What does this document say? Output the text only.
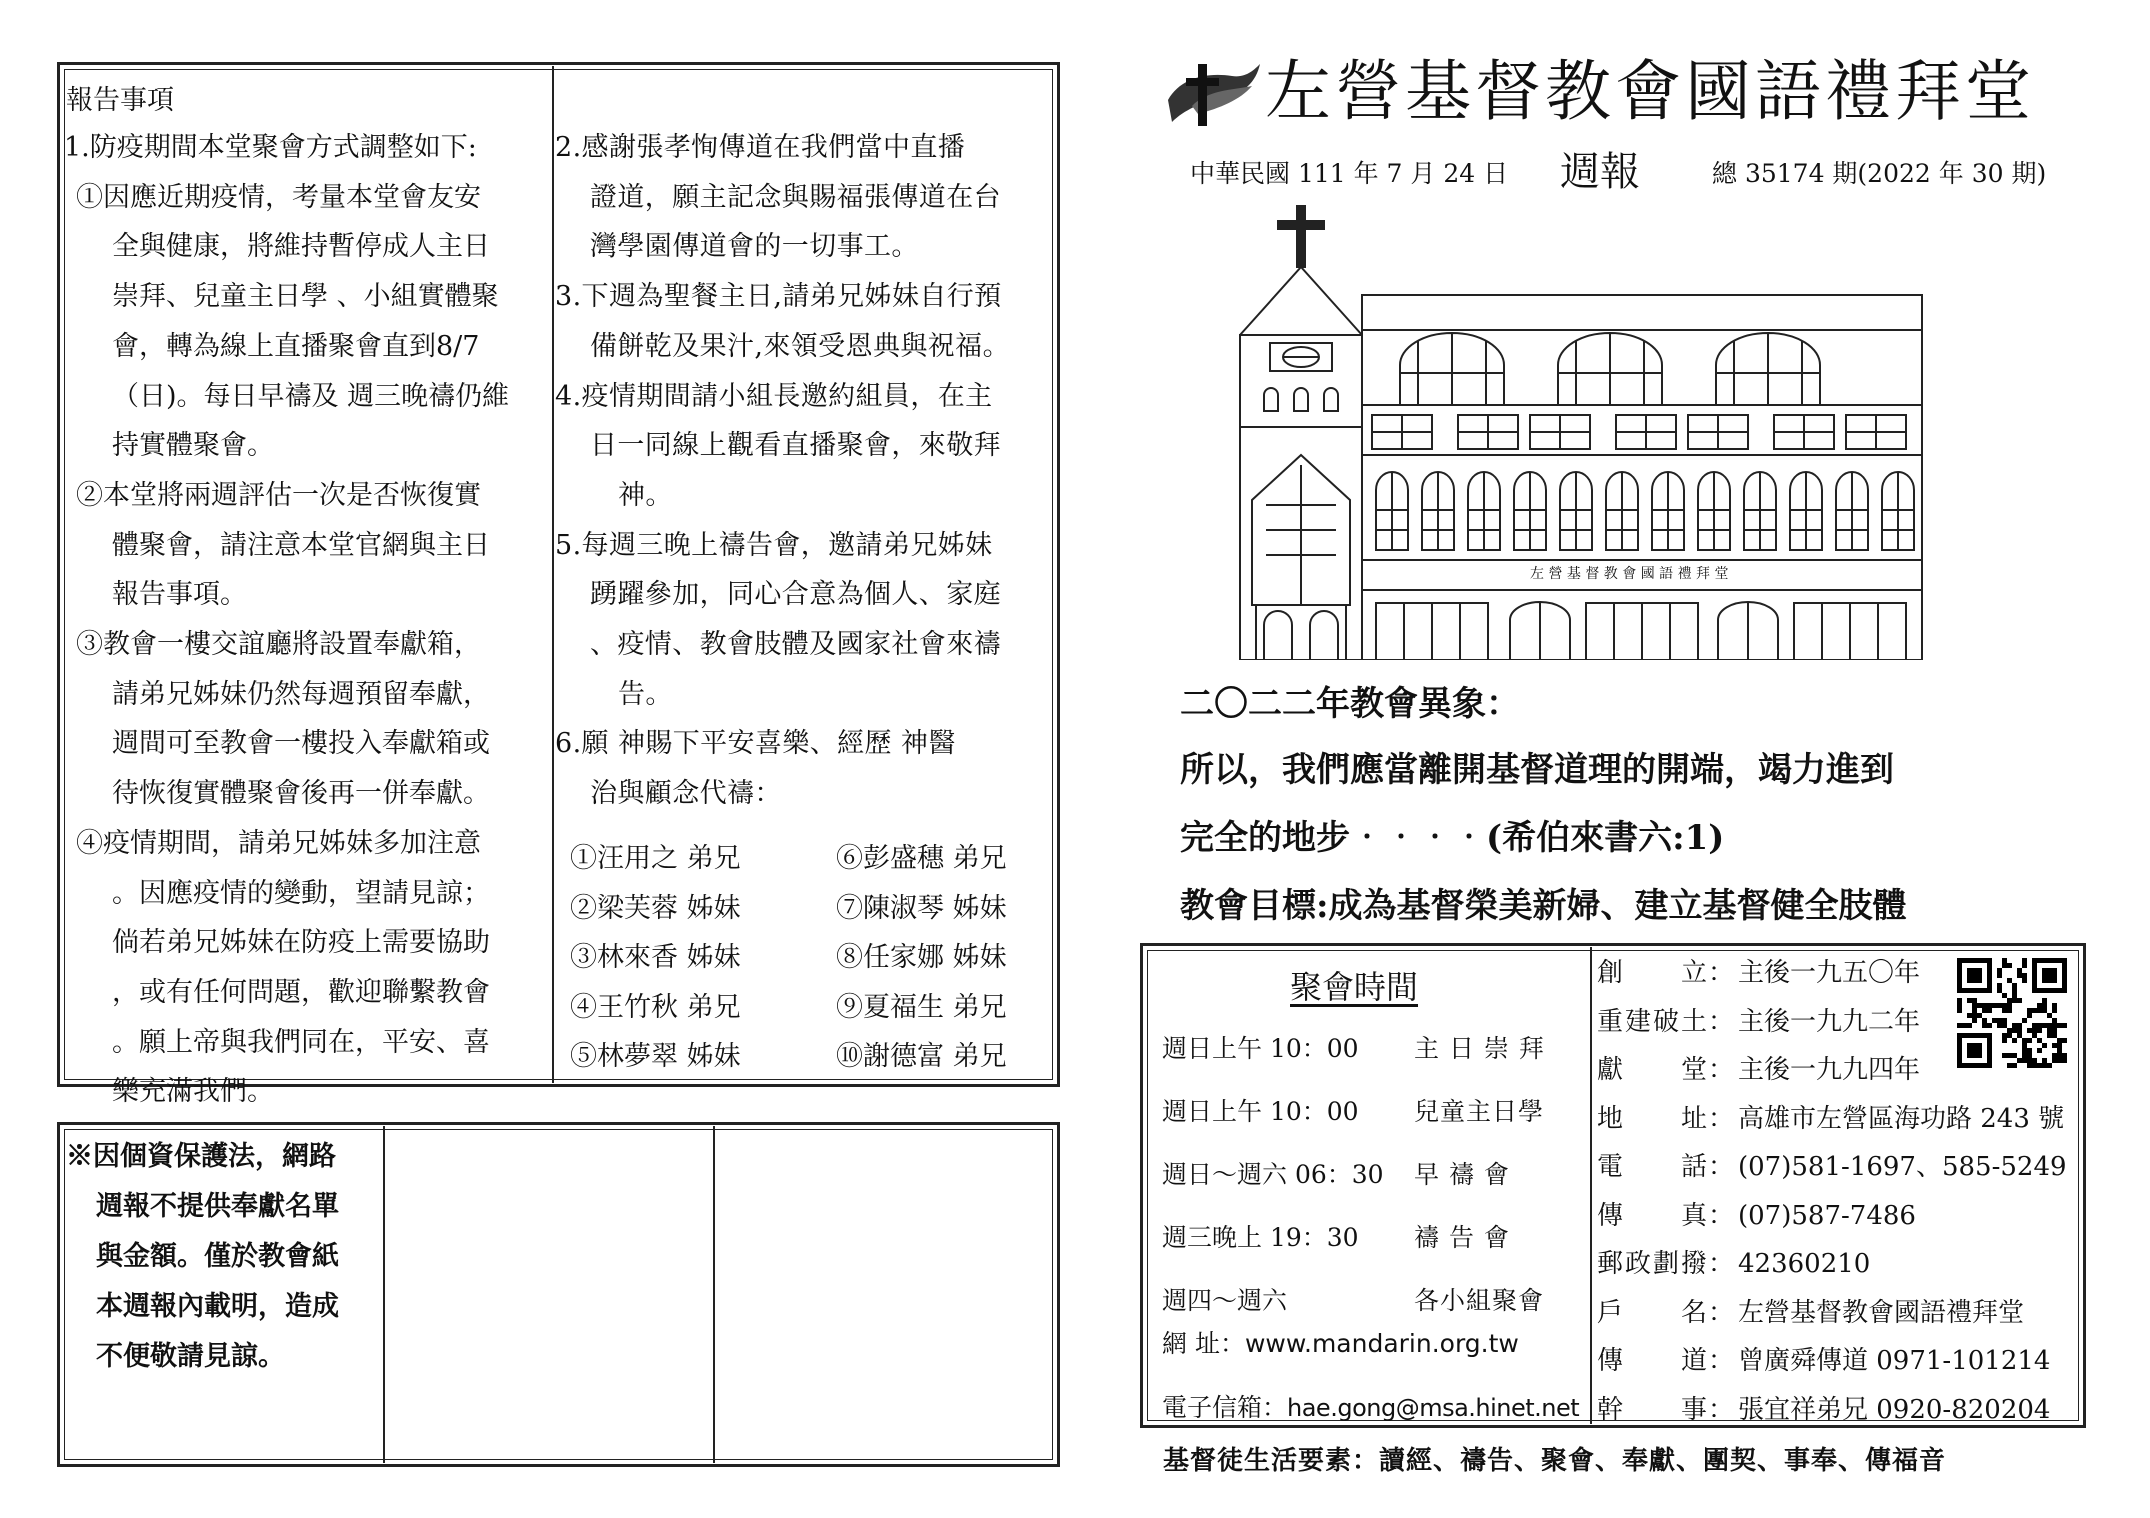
報告事項
1.防疫期間本堂聚會方式調整如下:
①因應近期疫情，考量本堂會友安
全與健康，將維持暫停成人主日
崇拜、兒童主日學 、小組實體聚
會，轉為線上直播聚會直到8/7
（日)。每日早禱及 週三晚禱仍維
持實體聚會。
②本堂將兩週評估一次是否恢復實
體聚會，請注意本堂官網與主日
報告事項。
③教會一樓交誼廳將設置奉獻箱，
請弟兄姊妹仍然每週預留奉獻，
週間可至教會一樓投入奉獻箱或
待恢復實體聚會後再一併奉獻。
④疫情期間，請弟兄姊妹多加注意
。因應疫情的變動，望請見諒；
倘若弟兄姊妹在防疫上需要協助
，或有任何問題，歡迎聯繫教會
。願上帝與我們同在，平安、喜
樂充滿我們。
2.感謝張孝恂傳道在我們當中直播
證道，願主記念與賜福張傳道在台
灣學園傳道會的一切事工。
3.下週為聖餐主日,請弟兄姊妹自行預
備餅乾及果汁,來領受恩典與祝福。
4.疫情期間請小組長邀約組員，在主
日一同線上觀看直播聚會，來敬拜
神。
5.每週三晚上禱告會，邀請弟兄姊妹
踴躍參加，同心合意為個人、家庭
、疫情、教會肢體及國家社會來禱
告。
6.願 神賜下平安喜樂、經歷 神醫
治與顧念代禱：
①汪用之 弟兄	⑥彭盛穗 弟兄
②梁芙蓉 姊妹	⑦陳淑琴 姊妹
③林來香 姊妹	⑧任家娜 姊妹
④王竹秋 弟兄	⑨夏福生 弟兄
⑤林夢翠 姊妹	⑩謝德富 弟兄
※因個資保護法，網路
週報不提供奉獻名單
與金額。僅於教會紙
本週報內載明，造成
不便敬請見諒。
左營基督教會國語禮拜堂
中華民國 111 年 7 月 24 日 週報	總 35174 期(2022 年 30 期)
左 營 基 督 教 會 國 語 禮 拜 堂
二〇二二年教會異象：
所以，我們應當離開基督道理的開端，竭力進到
完全的地步‧‧‧‧(希伯來書六:1)
教會目標:成為基督榮美新婦、建立基督健全肢體
聚會時間
週日上午 10：00 主 日 崇 拜
週日上午 10：00 兒童主日學
週日～週六 06：30 早 禱 會
週三晚上 19：30 禱 告 會
週四～週六	各小組聚會
網 址：www.mandarin.org.tw
電子信箱：hae.gong@msa.hinet.net
創 立 ： 主後一九五〇年
重建破土 ： 主後一九九二年
獻 堂 ： 主後一九九四年
地 址 ： 高雄市左營區海功路 243 號
電 話 ： (07)581-1697、585-5249
傳 真 ： (07)587-7486
郵政劃撥 ： 42360210
戶 名 ： 左營基督教會國語禮拜堂
傳 道 ： 曾廣舜傳道 0971-101214
幹 事 ： 張宜祥弟兄 0920-820204
基督徒生活要素：讀經、禱告、聚會、奉獻、團契、事奉、傳福音
